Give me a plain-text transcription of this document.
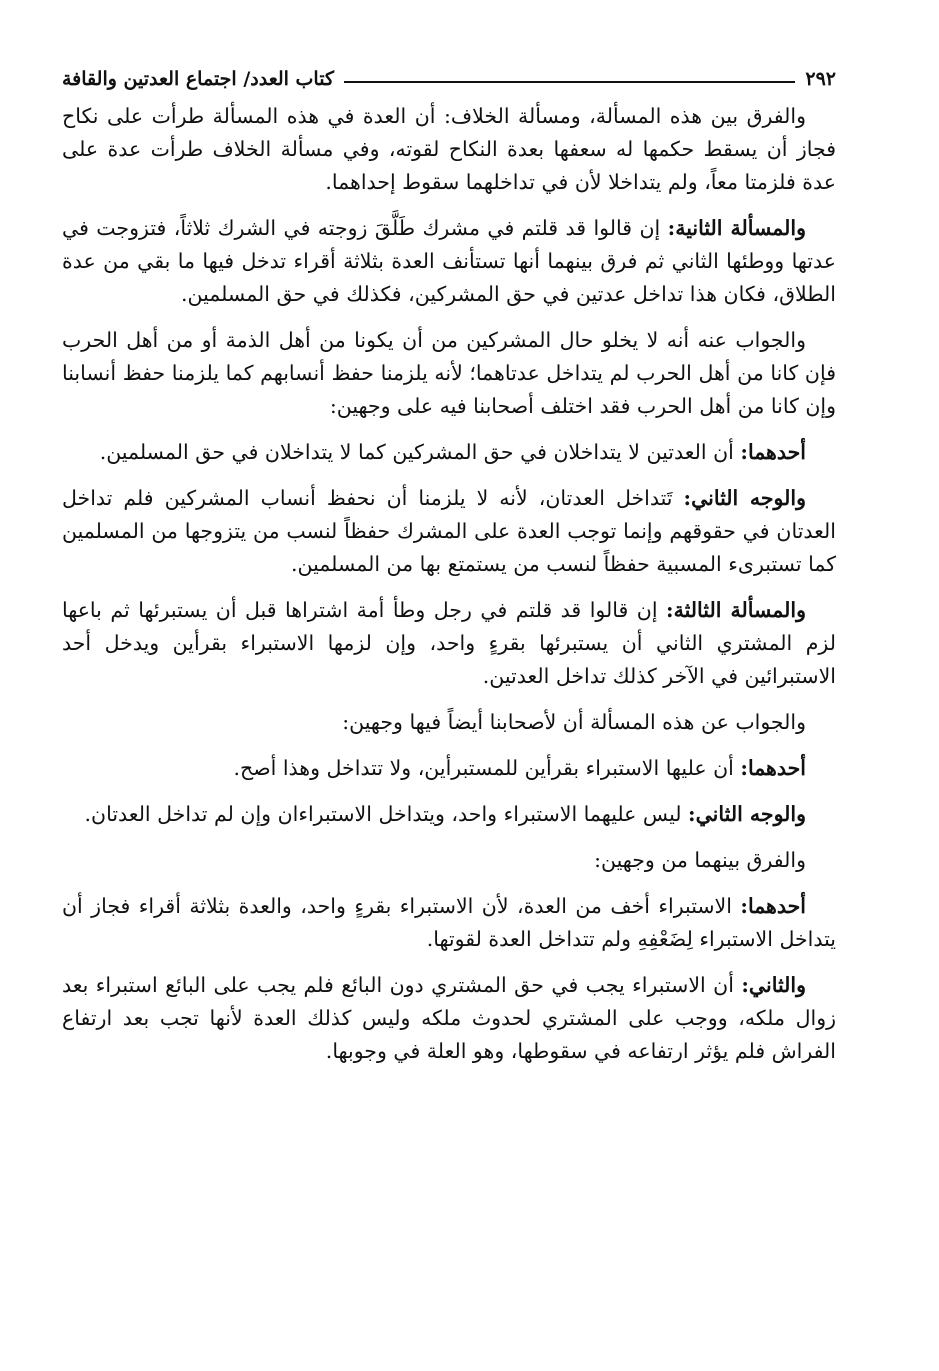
٢٩٢
كتاب العدد/ اجتماع العدتين والقافة

والفرق بين هذه المسألة، ومسألة الخلاف: أن العدة في هذه المسألة طرأت على نكاح فجاز أن يسقط حكمها له سعفها بعدة النكاح لقوته، وفي مسألة الخلاف طرأت عدة على عدة فلزمتا معاً، ولم يتداخلا لأن في تداخلهما سقوط إحداهما.

والمسألة الثانية: إن قالوا قد قلتم في مشرك طَلَّقَ زوجته في الشرك ثلاثاً، فتزوجت في عدتها ووطئها الثاني ثم فرق بينهما أنها تستأنف العدة بثلاثة أقراء تدخل فيها ما بقي من عدة الطلاق، فكان هذا تداخل عدتين في حق المشركين، فكذلك في حق المسلمين.

والجواب عنه أنه لا يخلو حال المشركين من أن يكونا من أهل الذمة أو من أهل الحرب فإن كانا من أهل الحرب لم يتداخل عدتاهما؛ لأنه يلزمنا حفظ أنسابهم كما يلزمنا حفظ أنسابنا وإن كانا من أهل الحرب فقد اختلف أصحابنا فيه على وجهين:

أحدهما: أن العدتين لا يتداخلان في حق المشركين كما لا يتداخلان في حق المسلمين.

والوجه الثاني: تَتداخل العدتان، لأنه لا يلزمنا أن نحفظ أنساب المشركين فلم تداخل العدتان في حقوقهم وإنما توجب العدة على المشرك حفظاً لنسب من يتزوجها من المسلمين كما تستبرىء المسبية حفظاً لنسب من يستمتع بها من المسلمين.

والمسألة الثالثة: إن قالوا قد قلتم في رجل وطأ أمة اشتراها قبل أن يستبرئها ثم باعها لزم المشتري الثاني أن يستبرئها بقرءٍ واحد، وإن لزمها الاستبراء بقرأين ويدخل أحد الاستبرائين في الآخر كذلك تداخل العدتين.

والجواب عن هذه المسألة أن لأصحابنا أيضاً فيها وجهين:

أحدهما: أن عليها الاستبراء بقرأين للمستبرأين، ولا تتداخل وهذا أصح.

والوجه الثاني: ليس عليهما الاستبراء واحد، ويتداخل الاستبراءان وإن لم تداخل العدتان.

والفرق بينهما من وجهين:

أحدهما: الاستبراء أخف من العدة، لأن الاستبراء بقرءٍ واحد، والعدة بثلاثة أقراء فجاز أن يتداخل الاستبراء لِضَعْفِهِ ولم تتداخل العدة لقوتها.

والثاني: أن الاستبراء يجب في حق المشتري دون البائع فلم يجب على البائع استبراء بعد زوال ملكه، ووجب على المشتري لحدوث ملكه وليس كذلك العدة لأنها تجب بعد ارتفاع الفراش فلم يؤثر ارتفاعه في سقوطها، وهو العلة في وجوبها.
